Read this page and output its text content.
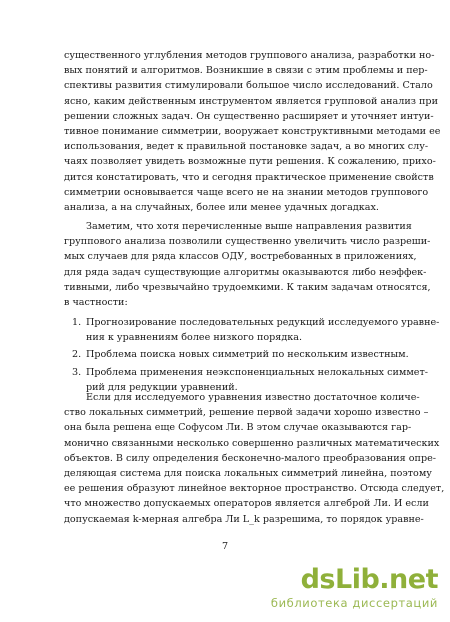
существенного углубления методов группового анализа, разработки но-
вых понятий и алгоритмов. Возникшие в связи с этим проблемы и пер-
спективы развития стимулировали большое число исследований. Стало
ясно, каким действенным инструментом является групповой анализ при
решении сложных задач. Он существенно расширяет и уточняет интуи-
тивное понимание симметрии, вооружает конструктивными методами ее
использования, ведет к правильной постановке задач, а во многих слу-
чаях позволяет увидеть возможные пути решения. К сожалению, прихо-
дится констатировать, что и сегодня практическое применение свойств
симметрии основывается чаще всего не на знании методов группового
анализа, а на случайных, более или менее удачных догадках.
Заметим, что хотя перечисленные выше направления развития
группового анализа позволили существенно увеличить число разреши-
мых случаев для ряда классов ОДУ, востребованных в приложениях,
для ряда задач существующие алгоритмы оказываются либо неэффек-
тивными, либо чрезвычайно трудоемкими. К таким задачам относятся,
в частности:
1. Прогнозирование последовательных редукций исследуемого уравне-
ния к уравнениям более низкого порядка.
2. Проблема поиска новых симметрий по нескольким известным.
3. Проблема применения неэкспоненциальных нелокальных симмет-
рий для редукции уравнений.
Если для исследуемого уравнения известно достаточное количе-
ство локальных симметрий, решение первой задачи хорошо известно –
она была решена еще Софусом Ли. В этом случае оказываются гар-
монично связанными несколько совершенно различных математических
объектов. В силу определения бесконечно-малого преобразования опре-
деляющая система для поиска локальных симметрий линейна, поэтому
ее решения образуют линейное векторное пространство. Отсюда следует,
что множество допускаемых операторов является алгеброй Ли. И если
допускаемая k-мерная алгебра Ли L_k разрешима, то порядок уравне-
7
dsLib.net
библиотека диссертаций
